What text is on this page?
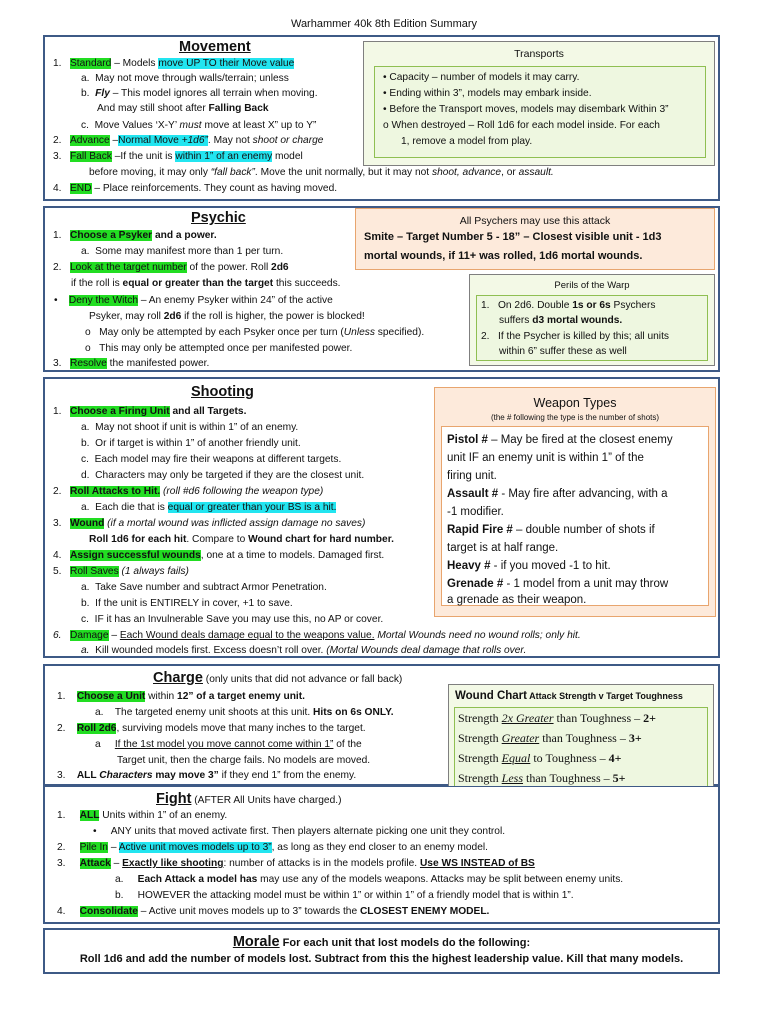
Warhammer 40k 8th Edition Summary
Movement
1. Standard – Models move UP TO their Move value
a. May not move through walls/terrain; unless
b. Fly – This model ignores all terrain when moving.
And may still shoot after Falling Back
c. Move Values ‘X-Y’ must move at least X” up to Y”
2. Advance –Normal Move +1d6”. May not shoot or charge
3. Fall Back –If the unit is within 1” of an enemy model
before moving, it may only “fall back”. Move the unit normally, but it may not shoot, advance, or assault.
4. END – Place reinforcements. They count as having moved.
Transports
• Capacity – number of models it may carry.
• Ending within 3”, models may embark inside.
• Before the Transport moves, models may disembark Within 3”
o When destroyed – Roll 1d6 for each model inside. For each
1, remove a model from play.
Psychic
1. Choose a Psyker and a power.
a. Some may manifest more than 1 per turn.
2. Look at the target number of the power. Roll 2d6
if the roll is equal or greater than the target this succeeds.
• Deny the Witch – An enemy Psyker within 24” of the active
Psyker, may roll 2d6 if the roll is higher, the power is blocked!
o May only be attempted by each Psyker once per turn (Unless specified).
o This may only be attempted once per manifested power.
3. Resolve the manifested power.
All Psychers may use this attack
Smite – Target Number 5 - 18” – Closest visible unit - 1d3
mortal wounds, if 11+ was rolled, 1d6 mortal wounds.
Perils of the Warp
1. On 2d6. Double 1s or 6s Psychers
suffers d3 mortal wounds.
2. If the Psycher is killed by this; all units
within 6” suffer these as well
Shooting
1. Choose a Firing Unit and all Targets.
a. May not shoot if unit is within 1” of an enemy.
b. Or if target is within 1” of another friendly unit.
c. Each model may fire their weapons at different targets.
d. Characters may only be targeted if they are the closest unit.
2. Roll Attacks to Hit. (roll #d6 following the weapon type)
a. Each die that is equal or greater than your BS is a hit.
3. Wound (if a mortal wound was inflicted assign damage no saves)
Roll 1d6 for each hit. Compare to Wound chart for hard number.
4. Assign successful wounds, one at a time to models. Damaged first.
5. Roll Saves (1 always fails)
a. Take Save number and subtract Armor Penetration.
b. If the unit is ENTIRELY in cover, +1 to save.
c. IF it has an Invulnerable Save you may use this, no AP or cover.
6. Damage – Each Wound deals damage equal to the weapons value. Mortal Wounds need no wound rolls; only hit.
a. Kill wounded models first. Excess doesn’t roll over. (Mortal Wounds deal damage that rolls over.
Weapon Types
(the # following the type is the number of shots)
Pistol # – May be fired at the closest enemy
unit IF an enemy unit is within 1” of the
firing unit.
Assault # - May fire after advancing, with a
-1 modifier.
Rapid Fire # – double number of shots if
target is at half range.
Heavy # - if you moved -1 to hit.
Grenade # - 1 model from a unit may throw
a grenade as their weapon.
Charge (only units that did not advance or fall back)
1. Choose a Unit within 12” of a target enemy unit.
a. The targeted enemy unit shoots at this unit. Hits on 6s ONLY.
2. Roll 2d6, surviving models move that many inches to the target.
a If the 1st model you move cannot come within 1” of the
Target unit, then the charge fails. No models are moved.
3. ALL Characters may move 3” if they end 1” from the enemy.
Wound Chart Attack Strength v Target Toughness
Strength 2x Greater than Toughness – 2+
Strength Greater than Toughness – 3+
Strength Equal to Toughness – 4+
Strength Less than Toughness – 5+
Fight (AFTER All Units have charged.)
1. ALL Units within 1” of an enemy.
• ANY units that moved activate first. Then players alternate picking one unit they control.
2. Pile In – Active unit moves models up to 3”, as long as they end closer to an enemy model.
3. Attack – Exactly like shooting: number of attacks is in the models profile. Use WS INSTEAD of BS
a. Each Attack a model has may use any of the models weapons. Attacks may be split between enemy units.
b. HOWEVER the attacking model must be within 1” or within 1” of a friendly model that is within 1”.
4. Consolidate – Active unit moves models up to 3” towards the CLOSEST ENEMY MODEL.
Morale For each unit that lost models do the following:
Roll 1d6 and add the number of models lost. Subtract from this the highest leadership value. Kill that many models.
